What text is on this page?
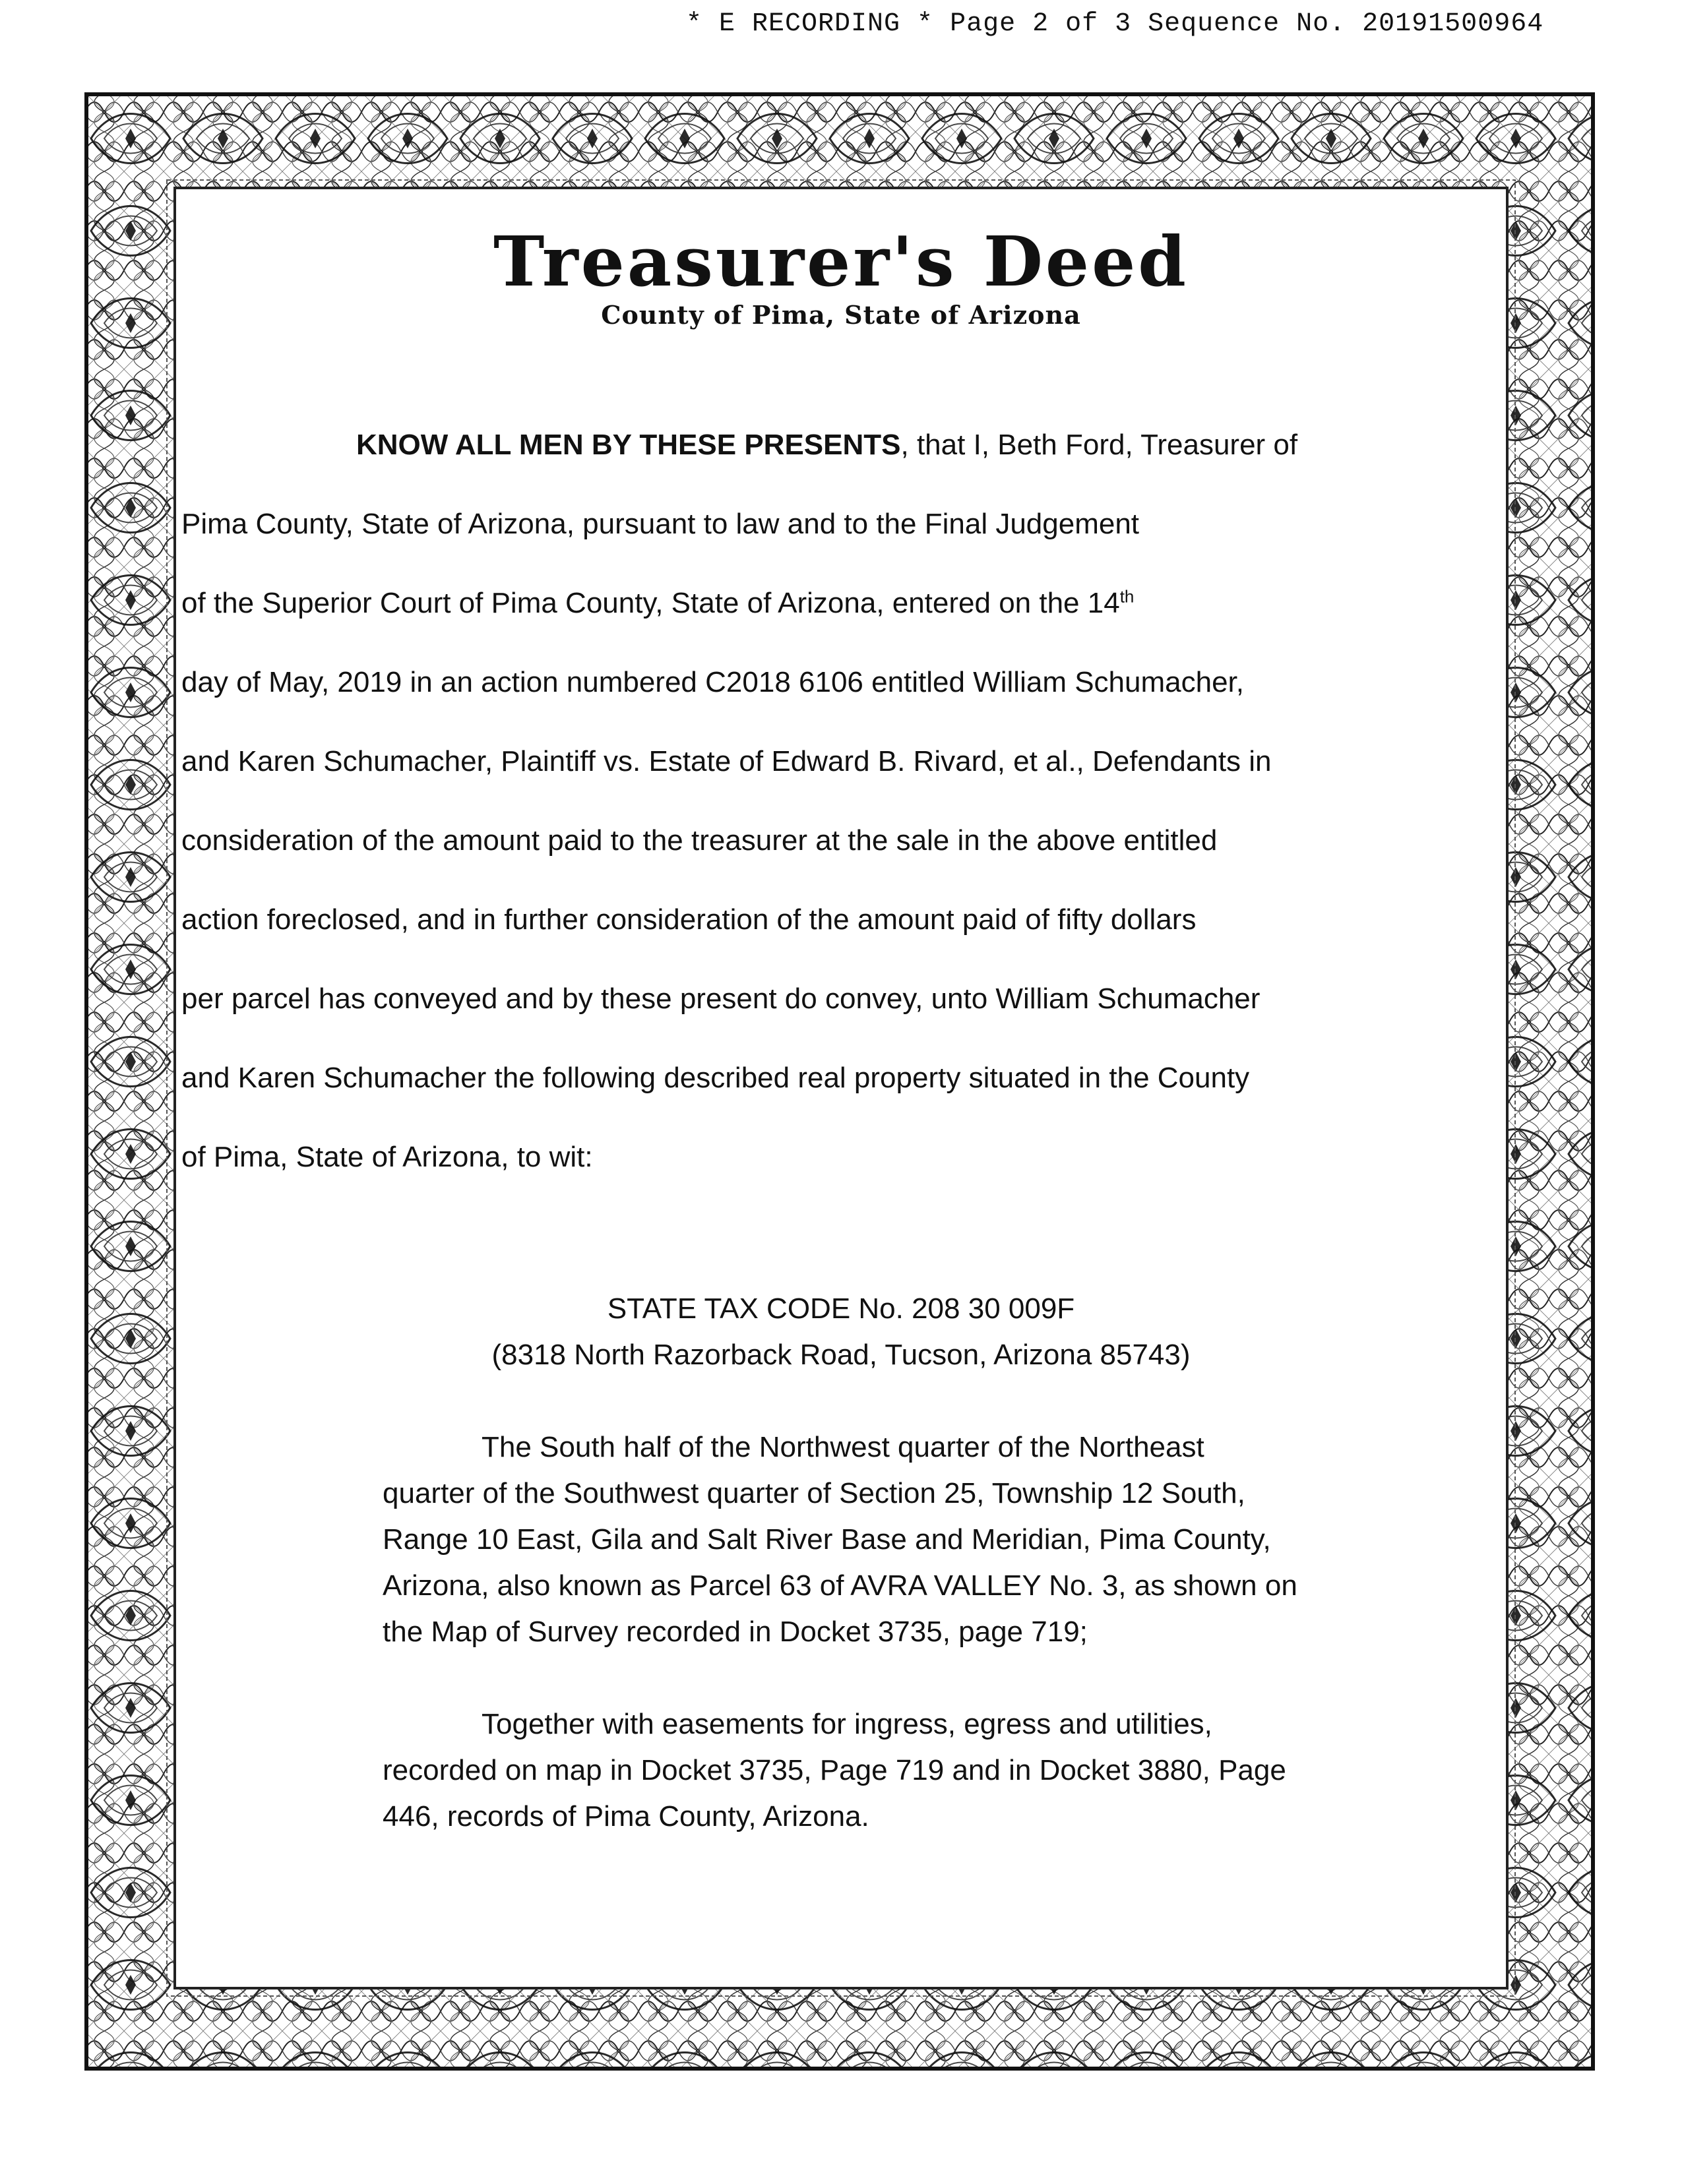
* E RECORDING * Page 2 of 3 Sequence No. 20191500964
Treasurer's Deed
County of Pima, State of Arizona
KNOW ALL MEN BY THESE PRESENTS, that I, Beth Ford, Treasurer of
Pima County, State of Arizona, pursuant to law and to the Final Judgement
of the Superior Court of Pima County, State of Arizona, entered on the 14th
day of May, 2019 in an action numbered C2018 6106 entitled William Schumacher,
and Karen Schumacher, Plaintiff vs. Estate of Edward B. Rivard, et al., Defendants in
consideration of the amount paid to the treasurer at the sale in the above entitled
action foreclosed, and in further consideration of the amount paid of fifty dollars
per parcel has conveyed and by these present do convey, unto William Schumacher
and Karen Schumacher the following described real property situated in the County
of Pima, State of Arizona, to wit:
STATE TAX CODE No. 208 30 009F
(8318 North Razorback Road, Tucson, Arizona 85743)
The South half of the Northwest quarter of the Northeast
quarter of the Southwest quarter of Section 25, Township 12 South,
Range 10 East, Gila and Salt River Base and Meridian, Pima County,
Arizona, also known as Parcel 63 of AVRA VALLEY No. 3, as shown on
the Map of Survey recorded in Docket 3735, page 719;
Together with easements for ingress, egress and utilities,
recorded on map in Docket 3735, Page 719 and in Docket 3880, Page
446, records of Pima County, Arizona.
